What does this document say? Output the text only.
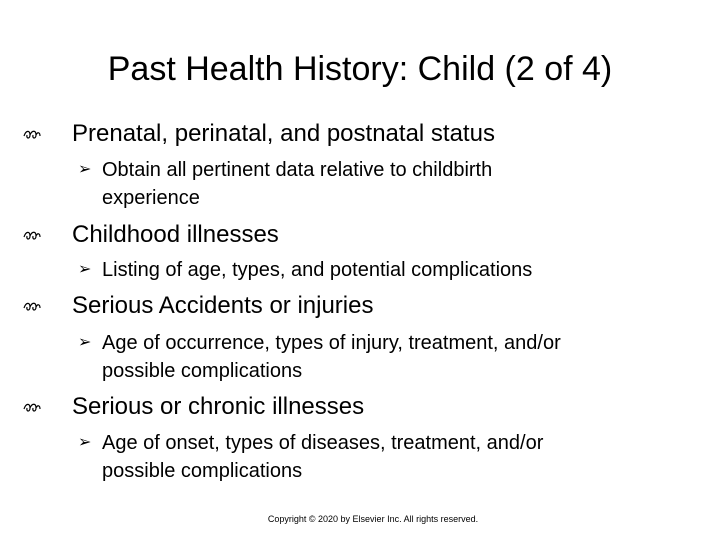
Past Health History: Child (2 of 4)
Prenatal, perinatal, and postnatal status
➢ Obtain all pertinent data relative to childbirth
experience
Childhood illnesses
➢ Listing of age, types, and potential complications
Serious Accidents or injuries
➢ Age of occurrence, types of injury, treatment, and/or
possible complications
Serious or chronic illnesses
➢ Age of onset, types of diseases, treatment, and/or
possible complications
Copyright © 2020 by Elsevier Inc. All rights reserved.
